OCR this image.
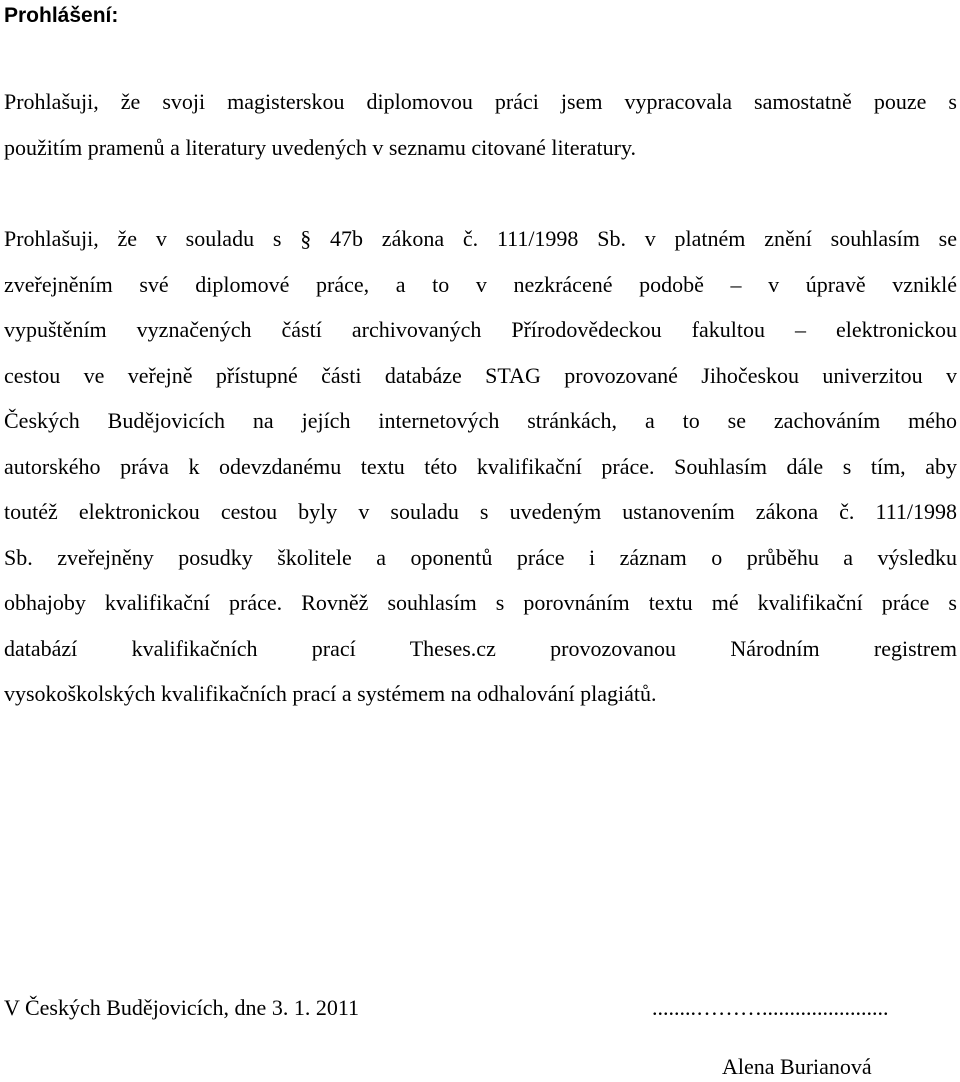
Prohlášení:
Prohlašuji, že svoji magisterskou diplomovou práci jsem vypracovala samostatně pouze s
použitím pramenů a literatury uvedených v seznamu citované literatury.
Prohlašuji, že v souladu s § 47b zákona č. 111/1998 Sb. v platném znění souhlasím se
zveřejněním své diplomové práce, a to v nezkrácené podobě – v úpravě vzniklé
vypuštěním vyznačených částí archivovaných Přírodovědeckou fakultou – elektronickou
cestou ve veřejně přístupné části databáze STAG provozované Jihočeskou univerzitou v
Českých Budějovicích na jejích internetových stránkách, a to se zachováním mého
autorského práva k odevzdanému textu této kvalifikační práce. Souhlasím dále s tím, aby
toutéž elektronickou cestou byly v souladu s uvedeným ustanovením zákona č. 111/1998
Sb. zveřejněny posudky školitele a oponentů práce i záznam o průběhu a výsledku
obhajoby kvalifikační práce. Rovněž souhlasím s porovnáním textu mé kvalifikační práce s
databází kvalifikačních prací Theses.cz provozovanou Národním registrem
vysokoškolských kvalifikačních prací a systémem na odhalování plagiátů.

V Českých Budějovicích, dne 3. 1. 2011	........……….......................

Alena Burianová
